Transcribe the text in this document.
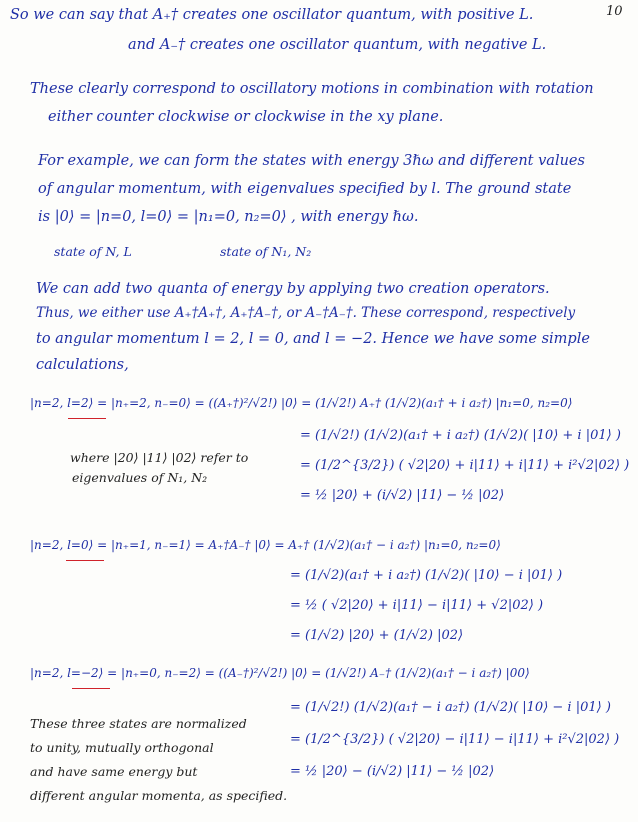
10
So we can say that A₊† creates one oscillator quantum, with positive L.
and A₋† creates one oscillator quantum, with negative L.
These clearly correspond to oscillatory motions in combination with rotation
either counter clockwise or clockwise in the xy plane.
For example, we can form the states with energy 3ℏω and different values
of angular momentum, with eigenvalues specified by l. The ground state
is |0⟩ = |n=0, l=0⟩ = |n₁=0, n₂=0⟩ , with energy ℏω.
state of N, L	state of N₁, N₂
We can add two quanta of energy by applying two creation operators.
Thus, we either use A₊†A₊†, A₊†A₋†, or A₋†A₋†. These correspond, respectively
to angular momentum l = 2, l = 0, and l = −2. Hence we have some simple
calculations,
|n=2, l=2⟩ = |n₊=2, n₋=0⟩ = ((A₊†)²/√2!) |0⟩ = (1/√2!) A₊† (1/√2)(a₁† + i a₂†) |n₁=0, n₂=0⟩
= (1/√2!) (1/√2)(a₁† + i a₂†) (1/√2)( |10⟩ + i |01⟩ )
= (1/2^{3/2}) ( √2|20⟩ + i|11⟩ + i|11⟩ + i²√2|02⟩ )
= ½ |20⟩ + (i/√2) |11⟩ − ½ |02⟩
where |20⟩ |11⟩ |02⟩ refer to
eigenvalues of N₁, N₂
|n=2, l=0⟩ = |n₊=1, n₋=1⟩ = A₊†A₋† |0⟩ = A₊† (1/√2)(a₁† − i a₂†) |n₁=0, n₂=0⟩
= (1/√2)(a₁† + i a₂†) (1/√2)( |10⟩ − i |01⟩ )
= ½ ( √2|20⟩ + i|11⟩ − i|11⟩ + √2|02⟩ )
= (1/√2) |20⟩ + (1/√2) |02⟩
|n=2, l=−2⟩ = |n₊=0, n₋=2⟩ = ((A₋†)²/√2!) |0⟩ = (1/√2!) A₋† (1/√2)(a₁† − i a₂†) |00⟩
= (1/√2!) (1/√2)(a₁† − i a₂†) (1/√2)( |10⟩ − i |01⟩ )
= (1/2^{3/2}) ( √2|20⟩ − i|11⟩ − i|11⟩ + i²√2|02⟩ )
= ½ |20⟩ − (i/√2) |11⟩ − ½ |02⟩
These three states are normalized
to unity, mutually orthogonal
and have same energy but
different angular momenta, as specified.
